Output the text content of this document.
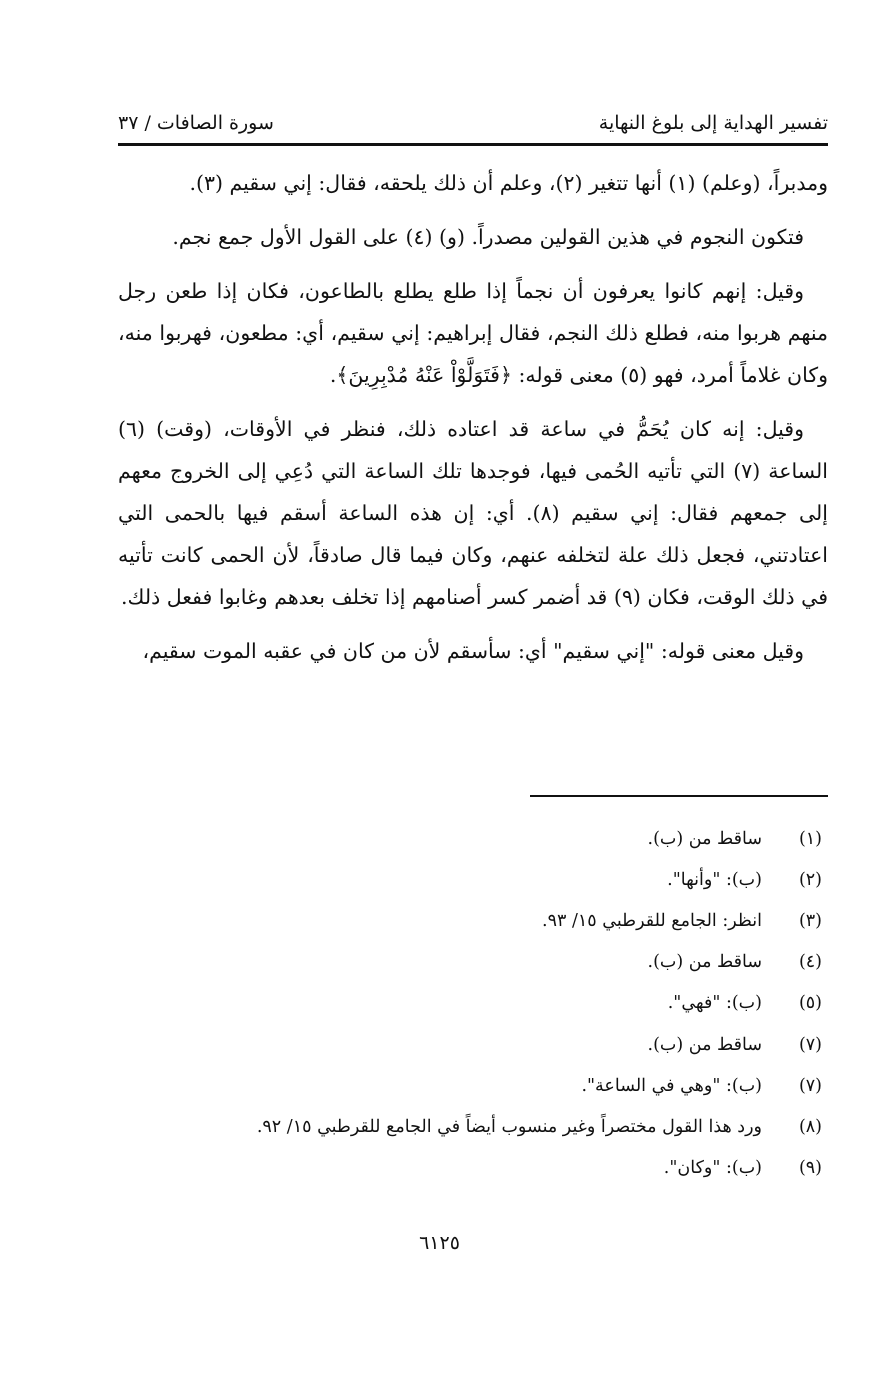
تفسير الهداية إلى بلوغ النهاية
سورة الصافات / ٣٧

ومدبراً، (وعلم) (١) أنها تتغير (٢)، وعلم أن ذلك يلحقه، فقال: إني سقيم (٣).

فتكون النجوم في هذين القولين مصدراً. (و) (٤) على القول الأول جمع نجم.

وقيل: إنهم كانوا يعرفون أن نجماً إذا طلع يطلع بالطاعون، فكان إذا طعن رجل منهم هربوا منه، فطلع ذلك النجم، فقال إبراهيم: إني سقيم، أي: مطعون، فهربوا منه، وكان غلاماً أمرد، فهو (٥) معنى قوله: ﴿فَتَوَلَّوْاْ عَنْهُ مُدْبِرِينَ﴾.

وقيل: إنه كان يُحَمُّ في ساعة قد اعتاده ذلك، فنظر في الأوقات، (وقت) (٦) الساعة (٧) التي تأتيه الحُمى فيها، فوجدها تلك الساعة التي دُعِي إلى الخروج معهم إلى جمعهم فقال: إني سقيم (٨). أي: إن هذه الساعة أسقم فيها بالحمى التي اعتادتني، فجعل ذلك علة لتخلفه عنهم، وكان فيما قال صادقاً، لأن الحمى كانت تأتيه في ذلك الوقت، فكان (٩) قد أضمر كسر أصنامهم إذا تخلف بعدهم وغابوا ففعل ذلك.

وقيل معنى قوله: "إني سقيم" أي: سأسقم لأن من كان في عقبه الموت سقيم،

(١)
ساقط من (ب).
(٢)
(ب): "وأنها".
(٣)
انظر: الجامع للقرطبي ١٥/ ٩٣.
(٤)
ساقط من (ب).
(٥)
(ب): "فهي".
(٧)
ساقط من (ب).
(٧)
(ب): "وهي في الساعة".
(٨)
ورد هذا القول مختصراً وغير منسوب أيضاً في الجامع للقرطبي ١٥/ ٩٢.
(٩)
(ب): "وكان".
٦١٢٥
